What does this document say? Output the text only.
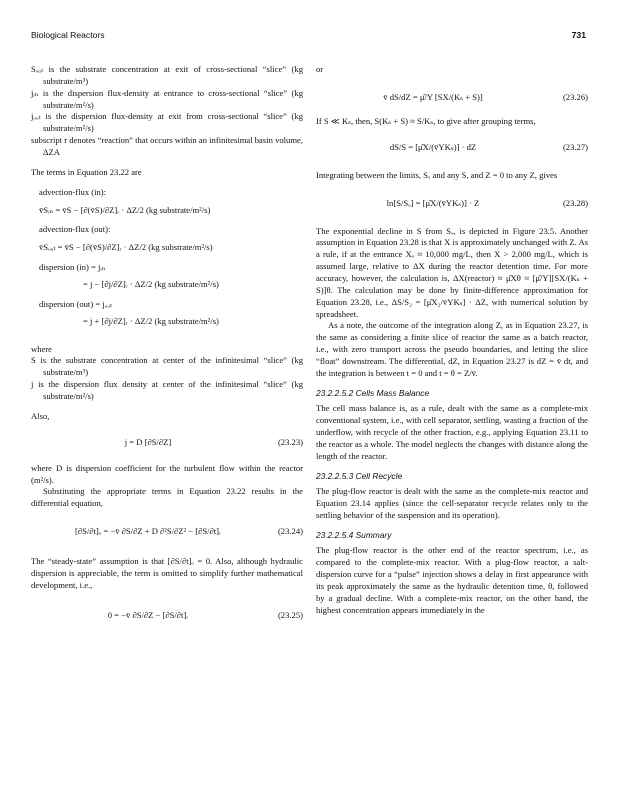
Biological Reactors	731

Sₒᵤₜ is the substrate concentration at exit of cross-sectional “slice” (kg substrate/m³)

jᵢₙ is the dispersion flux-density at entrance to cross-sectional “slice” (kg substrate/m²/s)

jₒᵤₜ is the dispersion flux-density at exit from cross-sectional “slice” (kg substrate/m²/s)

subscript r denotes “reaction” that occurs within an infinitesimal basin volume, ΔZA

The terms in Equation 23.22 are

advection-flux (in):

v̄Sᵢₙ = v̄S − [∂(v̄S)/∂Z]ᵣ · ΔZ/2 (kg substrate/m²/s)

advection-flux (out):

v̄Sₒᵤₜ = v̄S − [∂(v̄S)/∂Z]ᵣ · ΔZ/2 (kg substrate/m²/s)

dispersion (in) = jᵢₙ

= j − [∂j/∂Z]ᵣ · ΔZ/2 (kg substrate/m²/s)

dispersion (out) = jₒᵤₜ

= j + [∂j/∂Z]ᵣ · ΔZ/2 (kg substrate/m²/s)

where

S is the substrate concentration at center of the infinitesimal “slice” (kg substrate/m³)

j is the dispersion flux density at center of the infinitesimal “slice” (kg substrate/m²/s)

Also,

j = D [∂S/∂Z]	(23.23)

where D is dispersion coefficient for the turbulent flow within the reactor (m²/s).

Substituting the appropriate terms in Equation 23.22 results in the differential equation,

[∂S/∂t]ₒ = −v̄ ∂S/∂Z + D ∂²S/∂Z² − [∂S/∂t]ᵣ	(23.24)

The “steady-state” assumption is that [∂S/∂t]ₒ = 0. Also, although hydraulic dispersion is appreciable, the term is omitted to simplify further mathematical development, i.e.,

0 = −v̄ ∂S/∂Z − [∂S/∂t]ᵣ	(23.25)

or

v̄ dS/dZ = μ̂/Y [SX/(Kₛ + S)]	(23.26)

If S ≪ Kₛ, then, S(Kₛ + S) ≈ S/Kₛ, to give after grouping terms,

dS/S = [μ̂X/(v̄YKₛ)] · dZ	(23.27)

Integrating between the limits, Sₒ and any S, and Z = 0 to any Z, gives

ln[S/Sₒ] = [μ̂X/(v̄YKₛ)] · Z	(23.28)

The exponential decline in S from Sₒ, is depicted in Figure 23.5. Another assumption in Equation 23.28 is that X is approximately unchanged with Z. As a rule, if at the entrance Xₒ ≈ 10,000 mg/L, then X > 2,000 mg/L, which is assumed large, relative to ΔX during the reactor detention time. For more accuracy, however, the calculation is, ΔX(reactor) ≈ μ̂Xθ ≈ [μ̂/Y][SX/(Kₛ + S)]θ. The calculation may be done by finite-difference approximation for Equation 23.28, i.e., ΔS/S₂ = [μ̂X₂/v̄YKₛ] · ΔZ, with numerical solution by spreadsheet.

As a note, the outcome of the integration along Z, as in Equation 23.27, is the same as considering a finite slice of reactor the same as a batch reactor, i.e., with zero transport across the pseudo boundaries, and letting the slice “float” downstream. The differential, dZ, in Equation 23.27 is dZ = v̄ dt, and the integration is between t = 0 and t = θ = Z/v̄.

23.2.2.5.2 Cells Mass Balance

The cell mass balance is, as a rule, dealt with the same as a complete-mix conventional system, i.e., with cell separator, settling, wasting a fraction of the underflow, with recycle of the other fraction, e.g., applying Equation 23.11 to the reactor as a whole. The model neglects the changes with distance along the length of the reactor.

23.2.2.5.3 Cell Recycle

The plug-flow reactor is dealt with the same as the complete-mix reactor and Equation 23.14 applies (since the cell-separator recycle relates only to the settling behavior of the suspension and its operation).

23.2.2.5.4 Summary

The plug-flow reactor is the other end of the reactor spectrum, i.e., as compared to the complete-mix reactor. With a plug-flow reactor, a salt-dispersion curve for a “pulse” injection shows a delay in first appearance with its peak approximately the same as the hydraulic detention time, θ, followed by a gradual decline. With a complete-mix reactor, on the other hand, the highest concentration appears immediately in the
